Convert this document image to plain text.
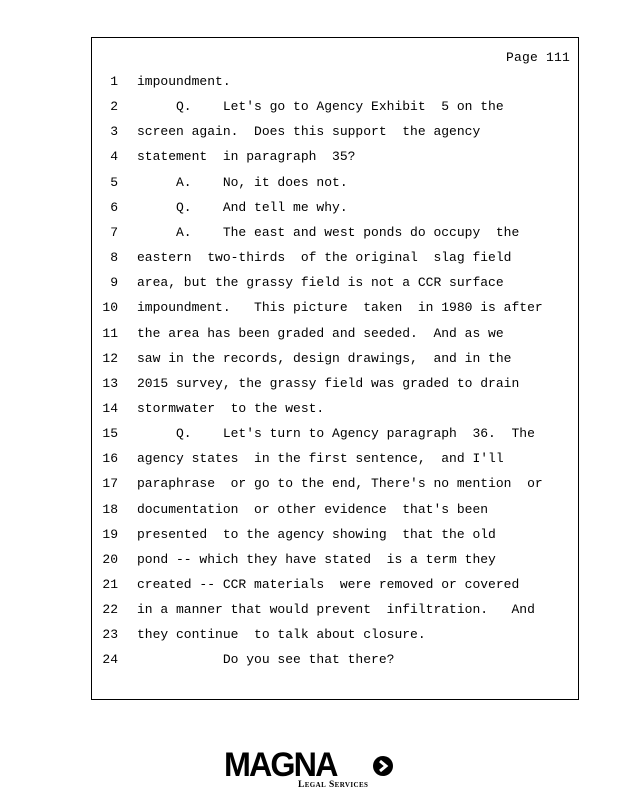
Page 111
1 impoundment.
2 Q.    Let's go to Agency Exhibit  5 on the
3 screen again.  Does this support  the agency
4 statement  in paragraph  35?
5 A.    No, it does not.
6 Q.    And tell me why.
7 A.    The east and west ponds do occupy  the
8 eastern  two-thirds  of the original  slag field
9 area, but the grassy field is not a CCR surface
10 impoundment.   This picture  taken  in 1980 is after
11 the area has been graded and seeded.  And as we
12 saw in the records, design drawings,  and in the
13 2015 survey, the grassy field was graded to drain
14 stormwater  to the west.
15 Q.    Let's turn to Agency paragraph  36.  The
16 agency states  in the first sentence,  and I'll
17 paraphrase  or go to the end, There's no mention  or
18 documentation  or other evidence  that's been
19 presented  to the agency showing  that the old
20 pond -- which they have stated  is a term they
21 created -- CCR materials  were removed or covered
22 in a manner that would prevent  infiltration.   And
23 they continue  to talk about closure.
24 Do you see that there?
MAGNA
Legal Services
